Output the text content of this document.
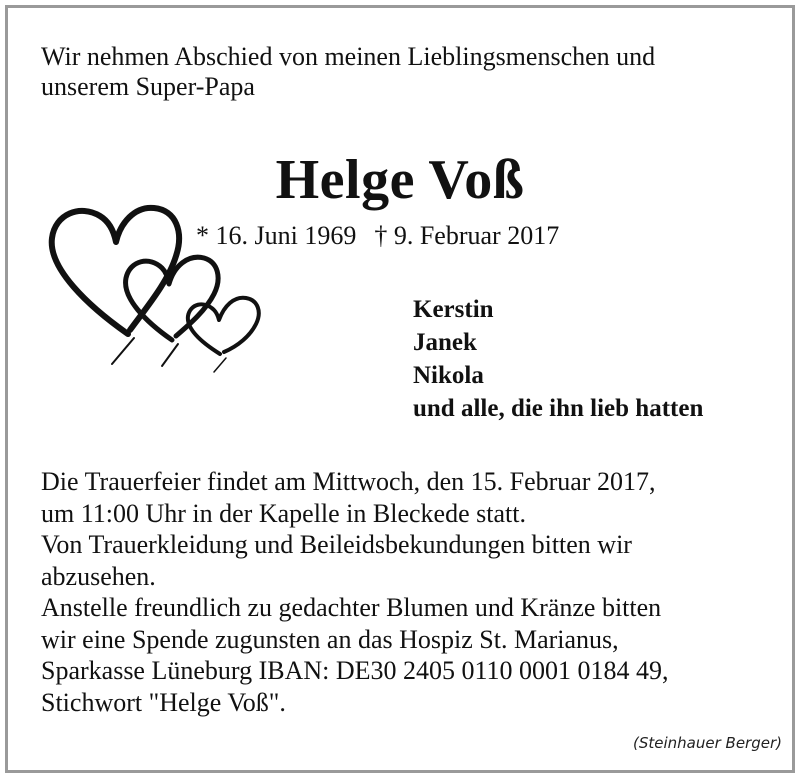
Wir nehmen Abschied von meinen Lieblingsmenschen und
unserem Super-Papa

Helge Voß
* 16. Juni 1969 † 9. Februar 2017
Kerstin
Janek
Nikola
und alle, die ihn lieb hatten
Die Trauerfeier findet am Mittwoch, den 15. Februar 2017,
um 11:00 Uhr in der Kapelle in Bleckede statt.
Von Trauerkleidung und Beileidsbekundungen bitten wir
abzusehen.
Anstelle freundlich zu gedachter Blumen und Kränze bitten
wir eine Spende zugunsten an das Hospiz St. Marianus,
Sparkasse Lüneburg IBAN: DE30 2405 0110 0001 0184 49,
Stichwort "Helge Voß".
(Steinhauer Berger)
